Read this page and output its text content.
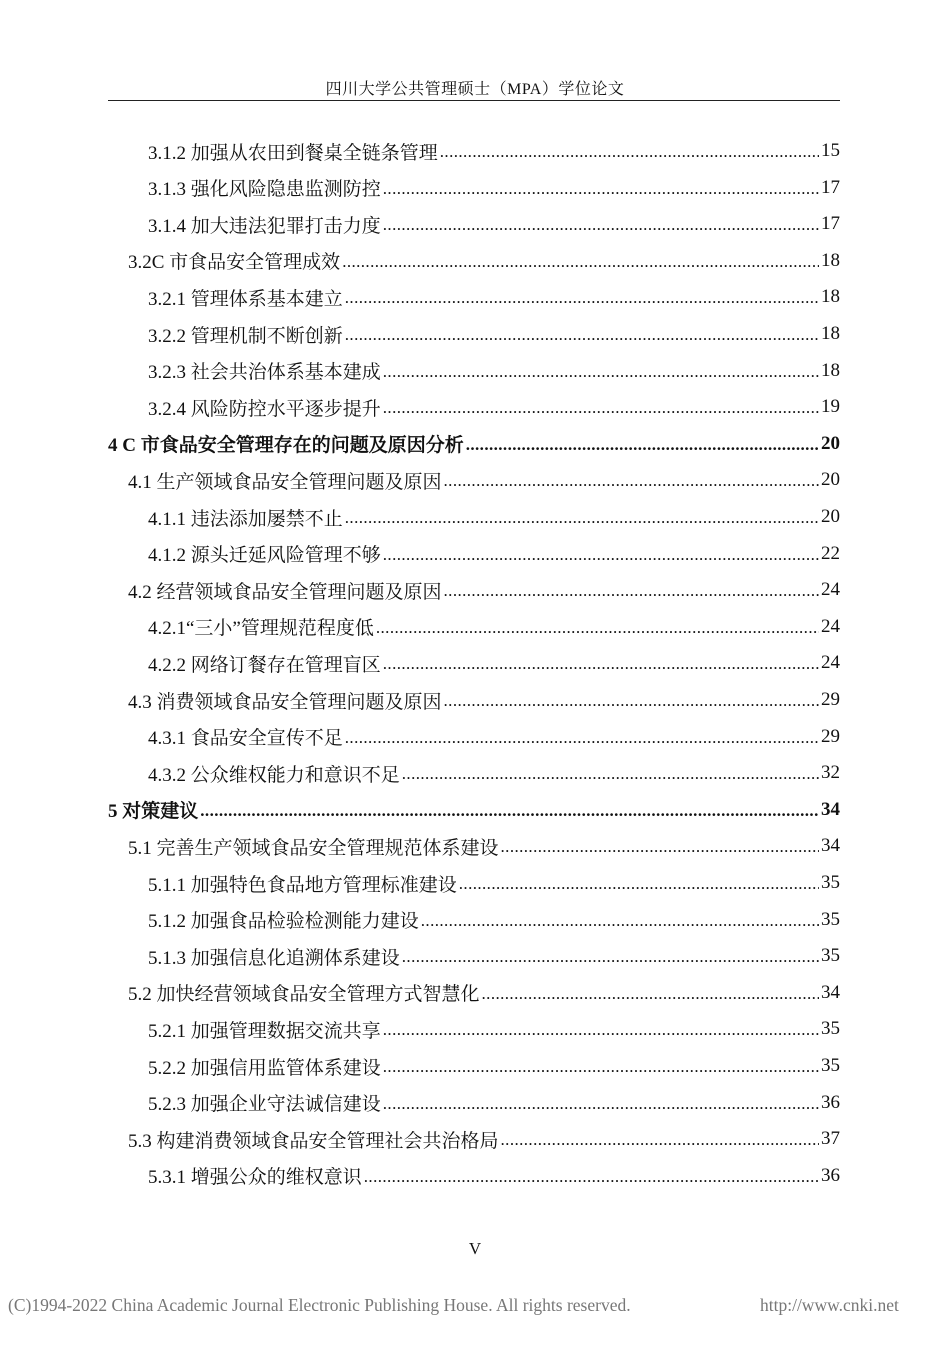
四川大学公共管理硕士（MPA）学位论文
3.1.2 加强从农田到餐桌全链条管理 .....	15
3.1.3 强化风险隐患监测防控 .....	17
3.1.4 加大违法犯罪打击力度 .....	17
3.2C 市食品安全管理成效 .....	18
3.2.1 管理体系基本建立 .....	18
3.2.2 管理机制不断创新 .....	18
3.2.3 社会共治体系基本建成 .....	18
3.2.4 风险防控水平逐步提升 .....	19
4 C 市食品安全管理存在的问题及原因分析 .....	20
4.1 生产领域食品安全管理问题及原因 .....	20
4.1.1 违法添加屡禁不止 .....	20
4.1.2 源头迁延风险管理不够 .....	22
4.2 经营领域食品安全管理问题及原因 .....	24
4.2.1“三小”管理规范程度低 .....	24
4.2.2 网络订餐存在管理盲区 .....	24
4.3 消费领域食品安全管理问题及原因 .....	29
4.3.1 食品安全宣传不足 .....	29
4.3.2 公众维权能力和意识不足 .....	32
5 对策建议 .....	34
5.1 完善生产领域食品安全管理规范体系建设 .....	34
5.1.1 加强特色食品地方管理标准建设 .....	35
5.1.2 加强食品检验检测能力建设 .....	35
5.1.3 加强信息化追溯体系建设 .....	35
5.2 加快经营领域食品安全管理方式智慧化 .....	34
5.2.1 加强管理数据交流共享 .....	35
5.2.2 加强信用监管体系建设 .....	35
5.2.3 加强企业守法诚信建设 .....	36
5.3 构建消费领域食品安全管理社会共治格局 .....	37
5.3.1 增强公众的维权意识 .....	36
V
(C)1994-2022 China Academic Journal Electronic Publishing House. All rights reserved.	http://www.cnki.net
